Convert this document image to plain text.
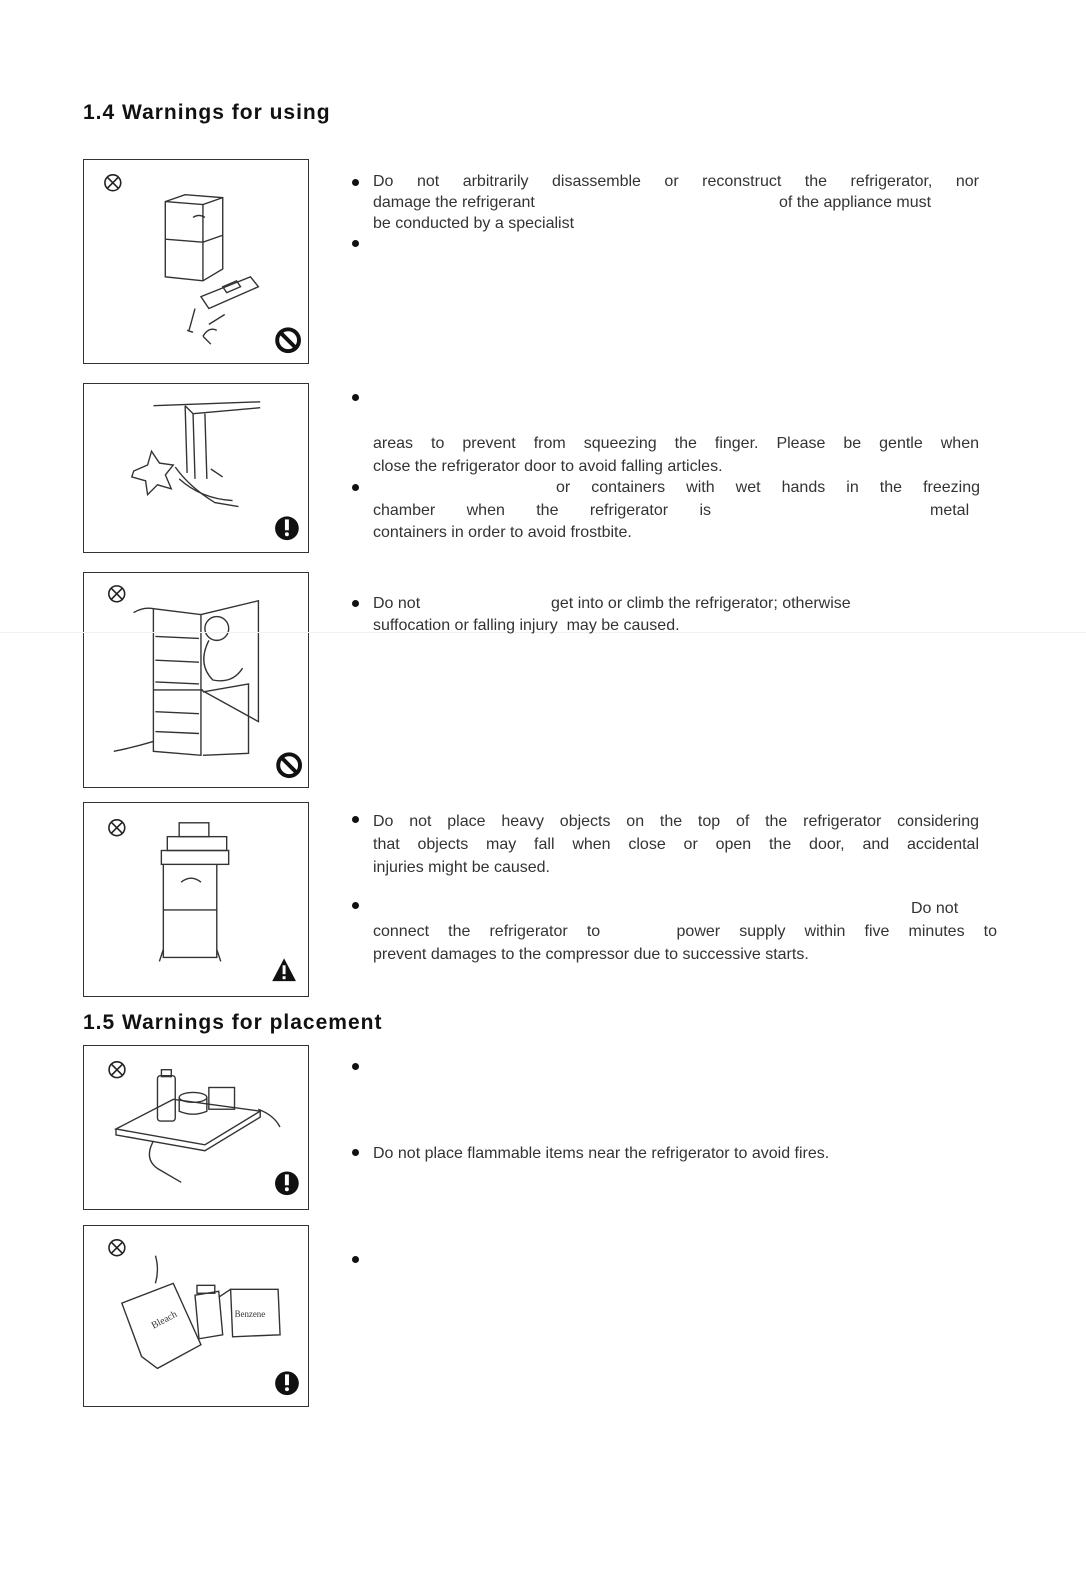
1.4 Warnings for using
1.5 Warnings for placement
Bleach	Benzene
Do not arbitrarily disassemble or reconstruct the refrigerator, nor
damage the refrigerant	of the appliance must
be conducted by a specialist
areas to prevent from squeezing the finger. Please be gentle when
close the refrigerator door to avoid falling articles.
or containers with wet hands in the freezing
chamber when the refrigerator is	metal
containers in order to avoid frostbite.
Do not	get into or climb the refrigerator; otherwise
suffocation or falling injury  may be caused.
Do not place heavy objects on the top of the refrigerator considering
that objects may fall when close or open the door, and accidental
injuries might be caused.
Do not
connect the refrigerator to    power supply within five minutes to
prevent damages to the compressor due to successive starts.
Do not place flammable items near the refrigerator to avoid fires.
